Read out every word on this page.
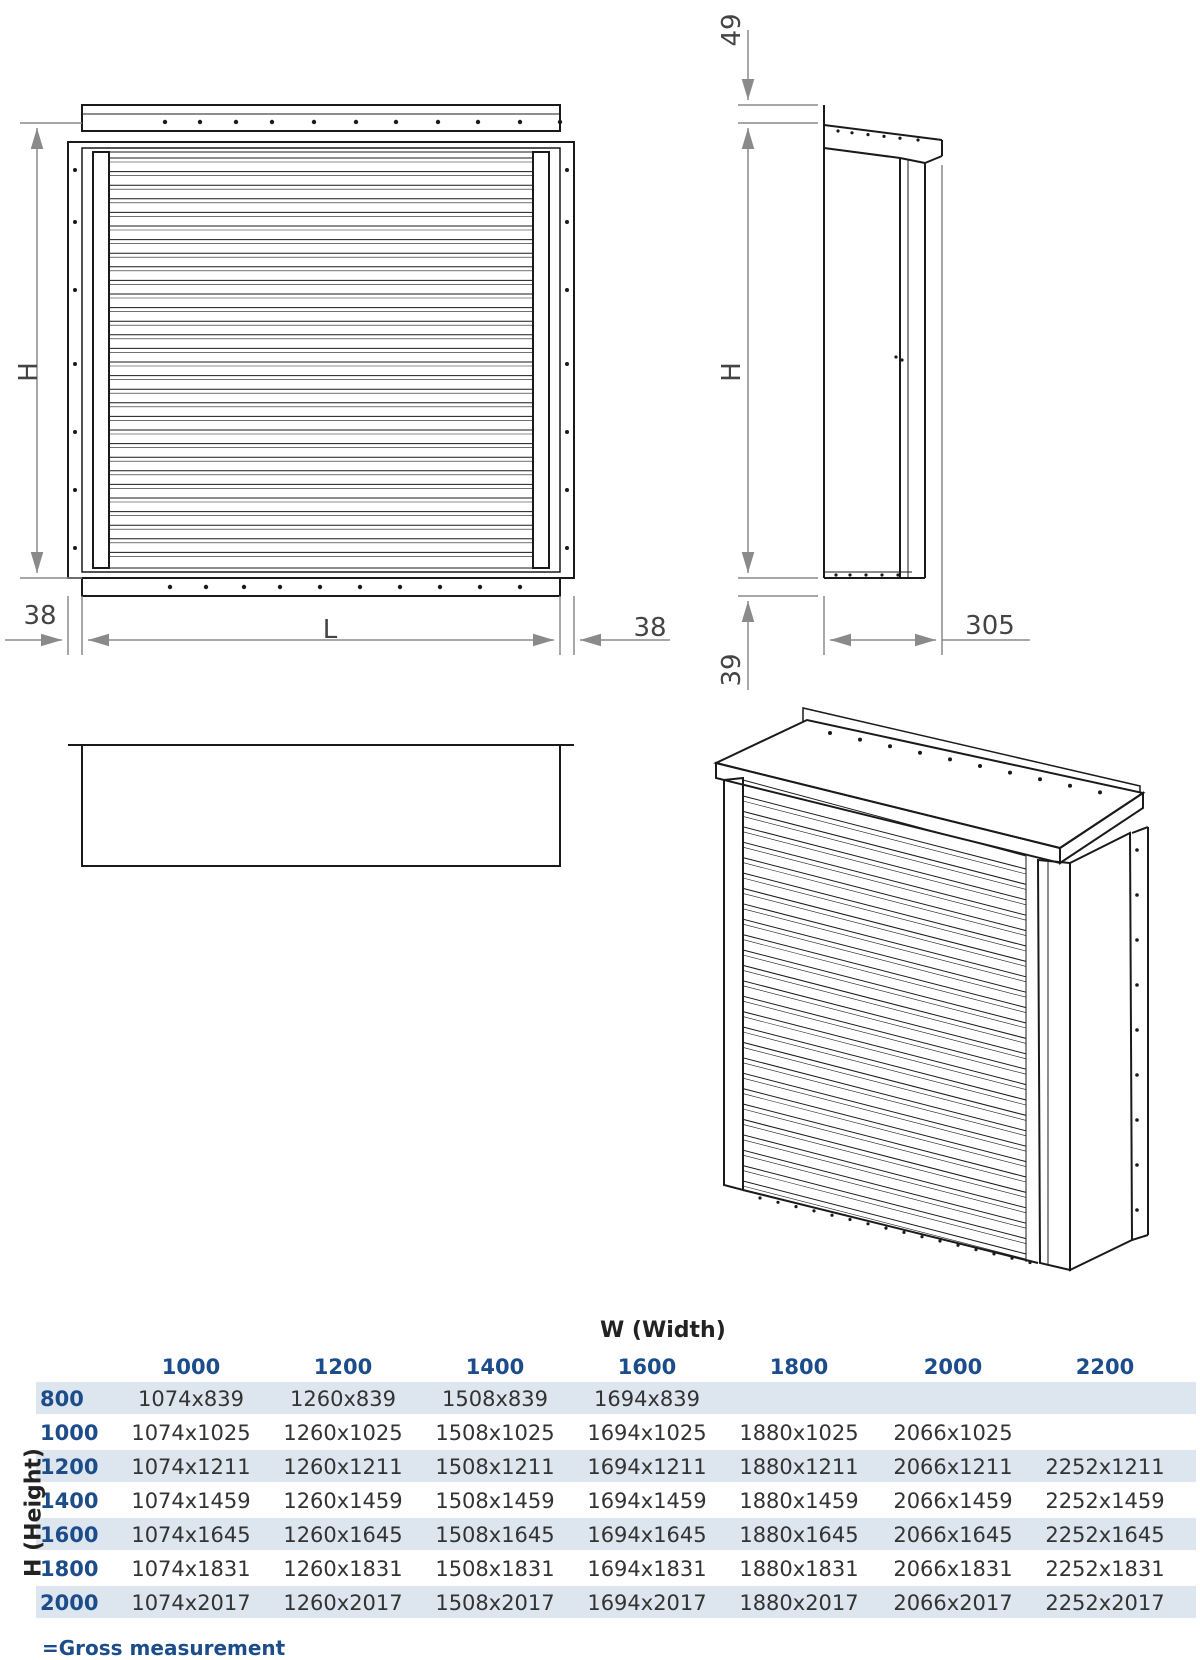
H
L
38	38
49
H
39
305
W (Width)
1000	1200	1400	1600	1800	2000	2200
800	1074x839	1260x839	1508x839	1694x839
1000	1074x1025	1260x1025	1508x1025	1694x1025	1880x1025	2066x1025
1200	1074x1211	1260x1211	1508x1211	1694x1211	1880x1211	2066x1211	2252x1211
1400	1074x1459	1260x1459	1508x1459	1694x1459	1880x1459	2066x1459	2252x1459
1600	1074x1645	1260x1645	1508x1645	1694x1645	1880x1645	2066x1645	2252x1645
1800	1074x1831	1260x1831	1508x1831	1694x1831	1880x1831	2066x1831	2252x1831
2000	1074x2017	1260x2017	1508x2017	1694x2017	1880x2017	2066x2017	2252x2017
H (Height)
=Gross measurement
